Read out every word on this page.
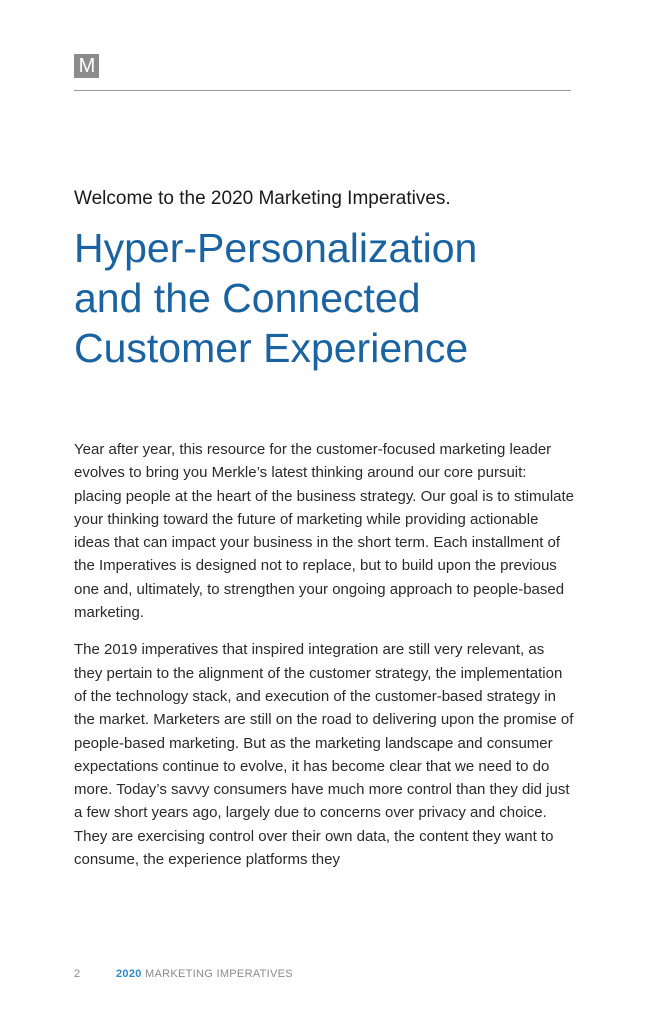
M
Welcome to the 2020 Marketing Imperatives.
Hyper-Personalization
and the Connected
Customer Experience

Year after year, this resource for the customer-focused marketing leader evolves to bring you Merkle’s latest thinking around our core pursuit: placing people at the heart of the business strategy. Our goal is to stimulate your thinking toward the future of marketing while providing actionable ideas that can impact your business in the short term. Each installment of the Imperatives is designed not to replace, but to build upon the previous one and, ultimately, to strengthen your ongoing approach to people-based marketing.

The 2019 imperatives that inspired integration are still very relevant, as they pertain to the alignment of the customer strategy, the implementation of the technology stack, and execution of the customer-based strategy in the market. Marketers are still on the road to delivering upon the promise of people-based marketing. But as the marketing landscape and consumer expectations continue to evolve, it has become clear that we need to do more. Today’s savvy consumers have much more control than they did just a few short years ago, largely due to concerns over privacy and choice. They are exercising control over their own data, the content they want to consume, the experience platforms they

2	2020 MARKETING IMPERATIVES
